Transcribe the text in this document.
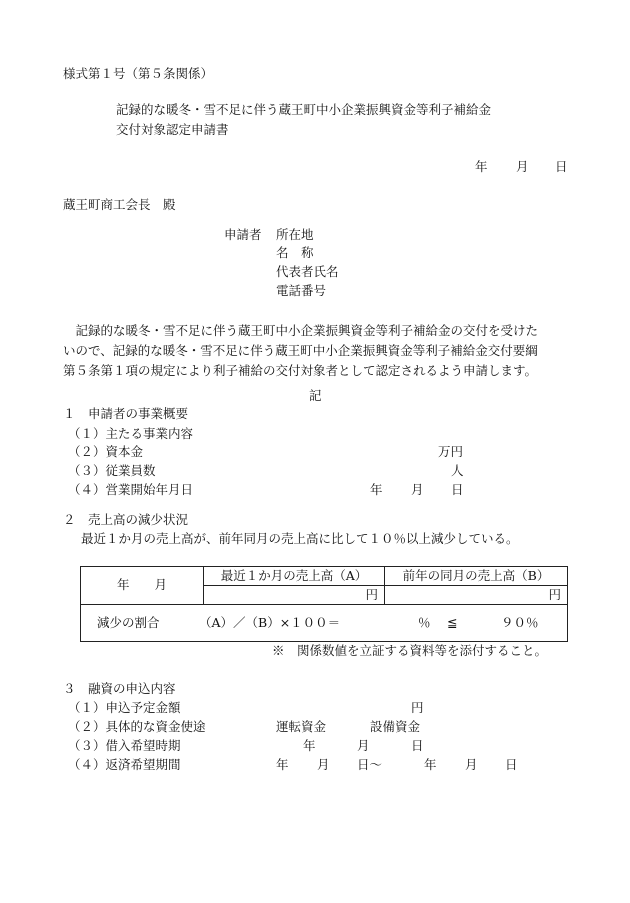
様式第１号（第５条関係）
記録的な暖冬・雪不足に伴う蔵王町中小企業振興資金等利子補給金
交付対象認定申請書
年 月 日
蔵王町商工会長　殿
申請者 所在地
名　称
代表者氏名
電話番号
　記録的な暖冬・雪不足に伴う蔵王町中小企業振興資金等利子補給金の交付を受けた
いので、記録的な暖冬・雪不足に伴う蔵王町中小企業振興資金等利子補給金交付要綱
第５条第１項の規定により利子補給の交付対象者として認定されるよう申請します。
記
１　申請者の事業概要
（１）主たる事業内容
（２）資本金	万円
（３）従業員数	人
（４）営業開始年月日	年 月 日
２　売上高の減少状況
最近１か月の売上高が、前年同月の売上高に比して１０％以上減少している。
年　　月	最近１か月の売上高（A）	前年の同月の売上高（B）
	円	円

減少の割合 （A）／（B）×１００＝ ％ ≦ ９０％		
※　関係数値を立証する資料等を添付すること。
３　融資の申込内容
（１）申込予定金額	円
（２）具体的な資金使途	運転資金	設備資金
（３）借入希望時期	年	月	日
（４）返済希望期間	年 月 日～	年 月 日
